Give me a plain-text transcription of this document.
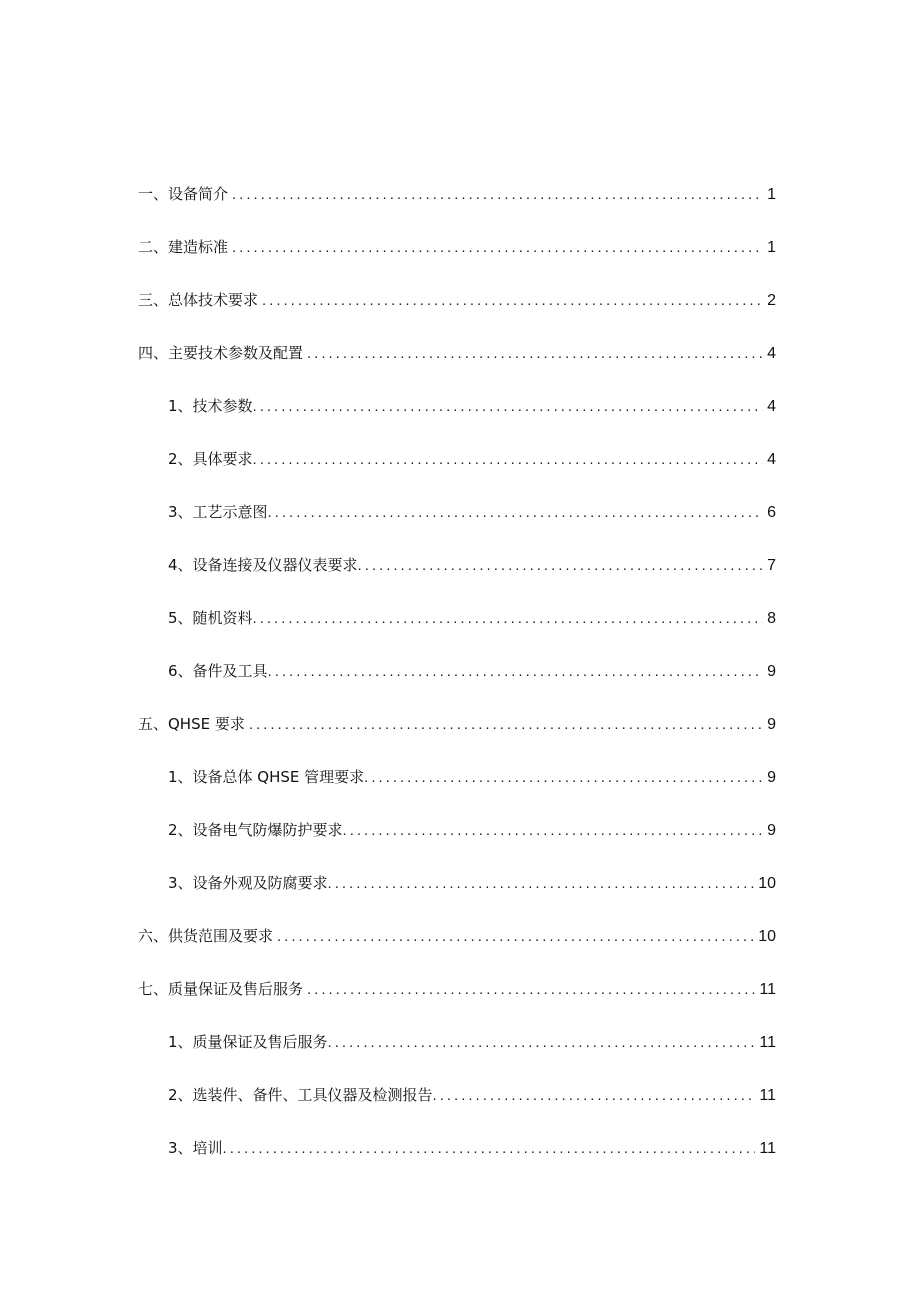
一、设备简介 .....	1
二、建造标准 .....	1
三、总体技术要求 .....	2
四、主要技术参数及配置 .....	4
1、技术参数 .....	4
2、具体要求 .....	4
3、工艺示意图 .....	6
4、设备连接及仪器仪表要求 .....	7
5、随机资料 .....	8
6、备件及工具 .....	9
五、QHSE 要求 .....	9
1、设备总体 QHSE 管理要求 .....	9
2、设备电气防爆防护要求 .....	9
3、设备外观及防腐要求 .....	10
六、供货范围及要求 .....	10
七、质量保证及售后服务 .....	11
1、质量保证及售后服务 .....	11
2、选装件、备件、工具仪器及检测报告 .....	11
3、培训 .....	11
